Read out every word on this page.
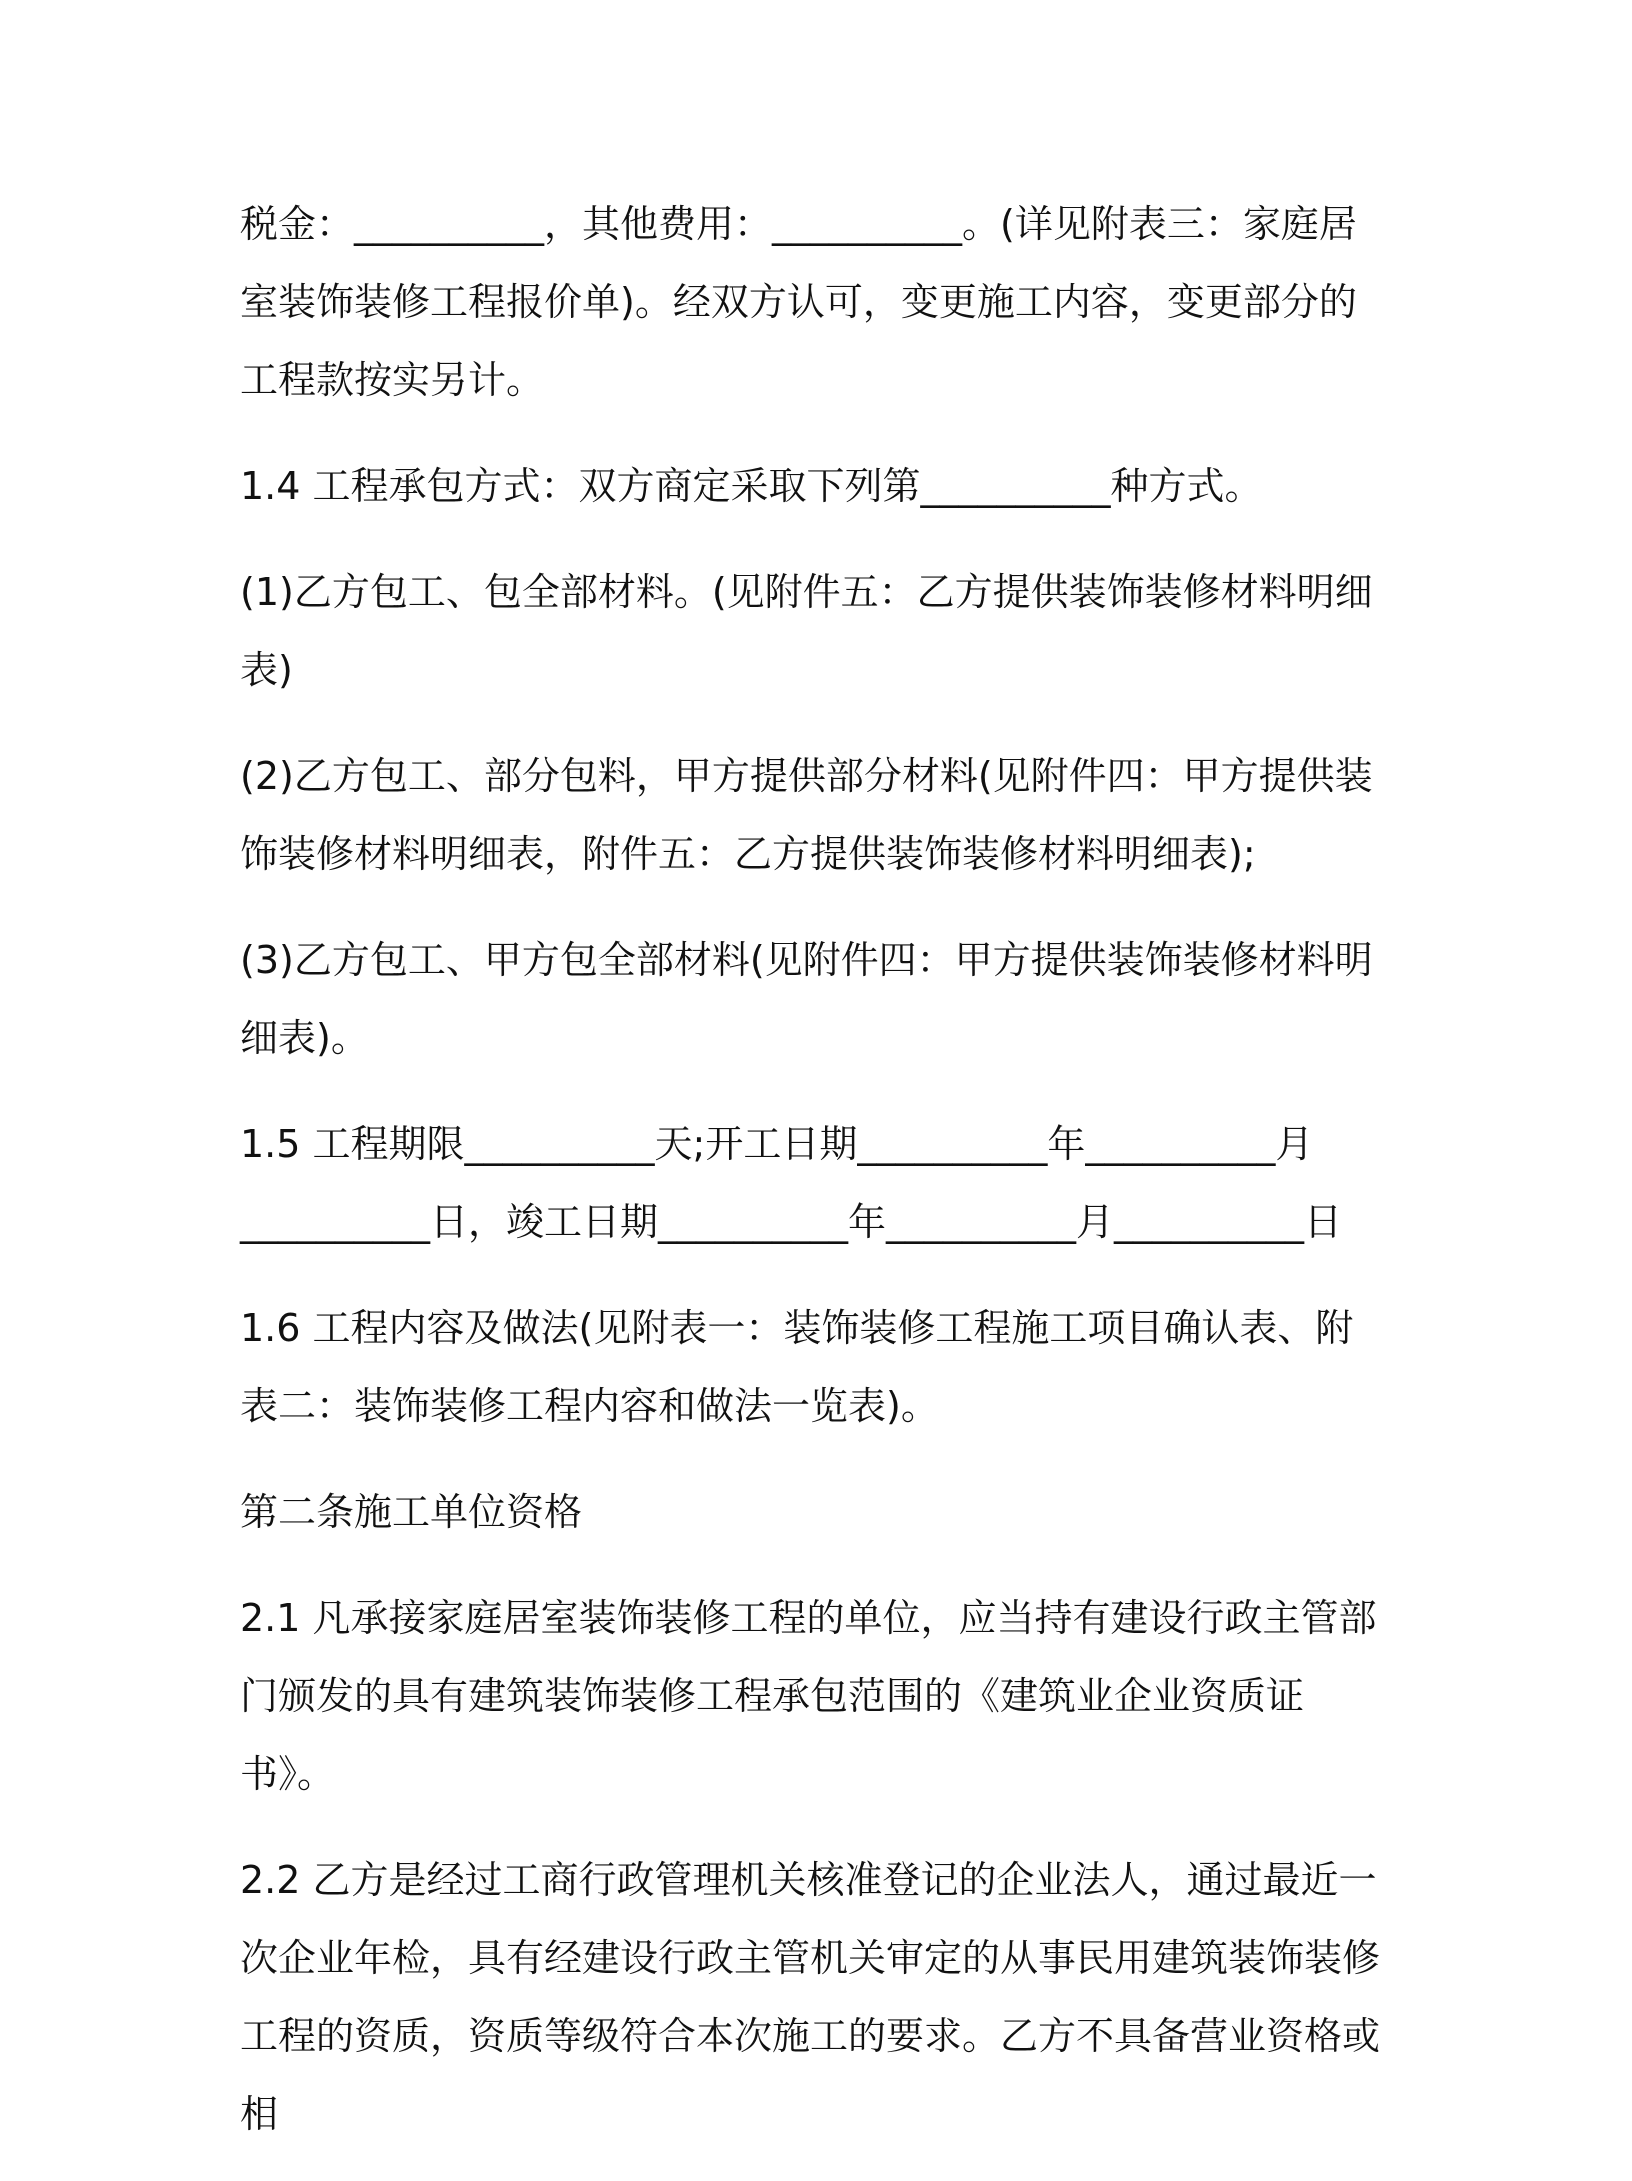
税金：__________，其他费用：__________。(详见附表三：家庭居室装饰装修工程报价单)。经双方认可，变更施工内容，变更部分的工程款按实另计。

1.4 工程承包方式：双方商定采取下列第__________种方式。

(1)乙方包工、包全部材料。(见附件五：乙方提供装饰装修材料明细表)

(2)乙方包工、部分包料，甲方提供部分材料(见附件四：甲方提供装饰装修材料明细表，附件五：乙方提供装饰装修材料明细表);

(3)乙方包工、甲方包全部材料(见附件四：甲方提供装饰装修材料明细表)。

1.5 工程期限__________天;开工日期__________年__________月__________日，竣工日期__________年__________月__________日

1.6 工程内容及做法(见附表一：装饰装修工程施工项目确认表、附表二：装饰装修工程内容和做法一览表)。

第二条施工单位资格

2.1 凡承接家庭居室装饰装修工程的单位，应当持有建设行政主管部门颁发的具有建筑装饰装修工程承包范围的《建筑业企业资质证书》。

2.2 乙方是经过工商行政管理机关核准登记的企业法人，通过最近一次企业年检，具有经建设行政主管机关审定的从事民用建筑装饰装修工程的资质，资质等级符合本次施工的要求。乙方不具备营业资格或相
